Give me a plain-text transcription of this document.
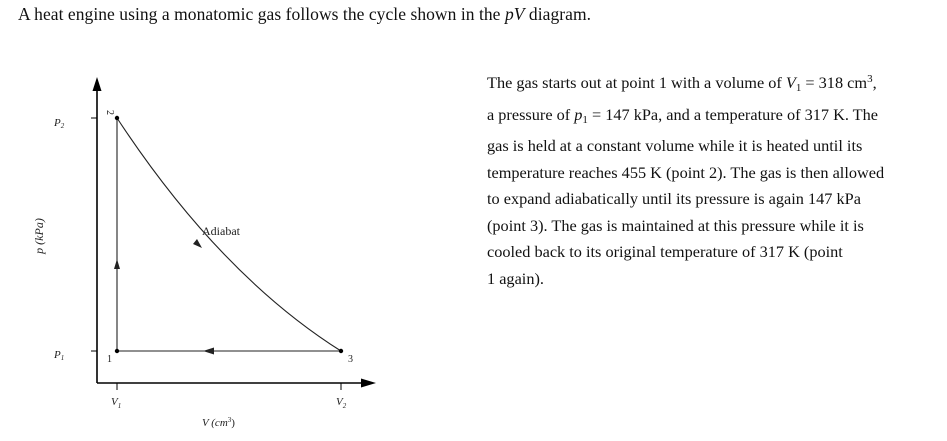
A heat engine using a monatomic gas follows the cycle shown in the pV diagram.
p (kPa)
P2
P1
$V_1$	$V_2$
V $(cm^3)$
2
1	3
Adiabat

The gas starts out at point 1 with a volume of $V_1 = 318$ $cm^3$,
a pressure of $p_1 = 147$ kPa, and a temperature of 317 K. The
gas is held at a constant volume while it is heated until its
temperature reaches 455 K (point 2). The gas is then allowed
to expand adiabatically until its pressure is again 147 kPa
(point 3). The gas is maintained at this pressure while it is
cooled back to its original temperature of 317 K (point
1 again).
